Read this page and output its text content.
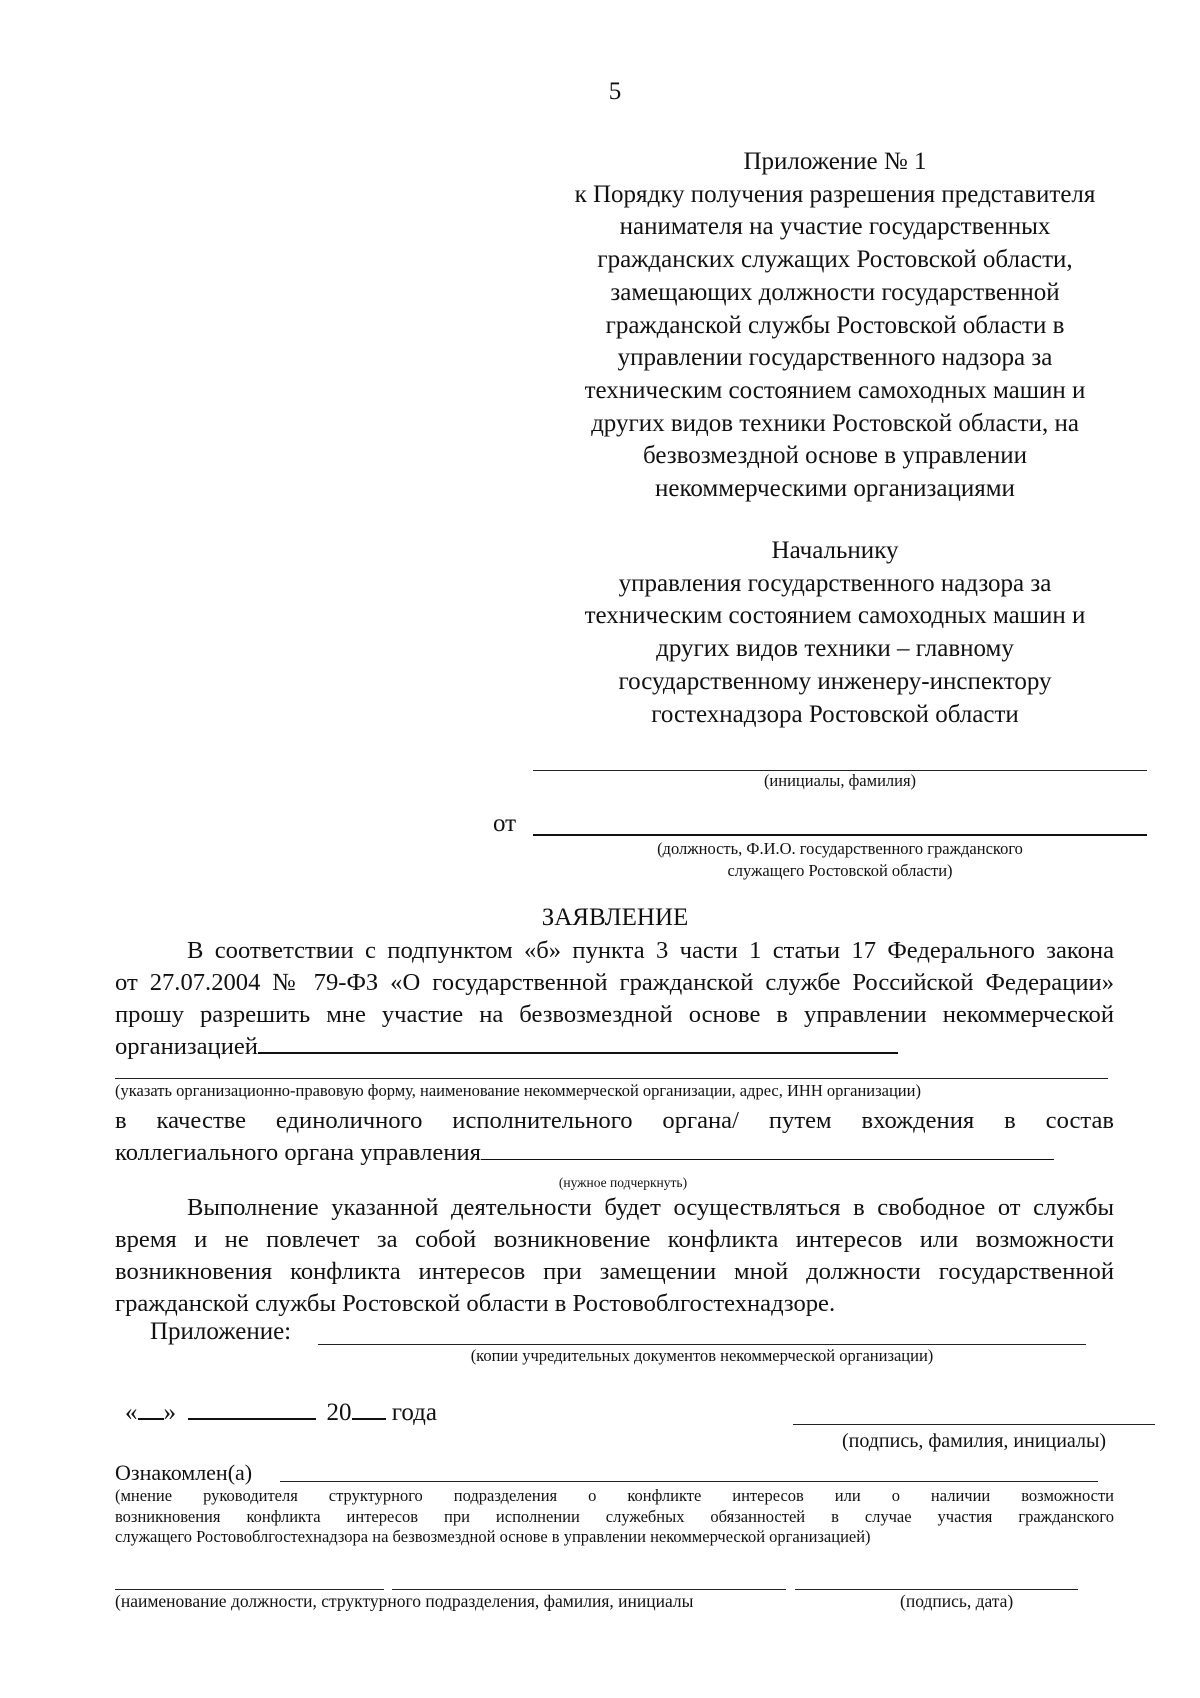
5
Приложение № 1
к Порядку получения разрешения представителя
нанимателя на участие государственных
гражданских служащих Ростовской области,
замещающих должности государственной
гражданской службы Ростовской области в
управлении государственного надзора за
техническим состоянием самоходных машин и
других видов техники Ростовской области, на
безвозмездной основе в управлении
некоммерческими организациями
Начальнику
управления государственного надзора за
техническим состоянием самоходных машин и
других видов техники – главному
государственному инженеру-инспектору
гостехнадзора Ростовской области
(инициалы, фамилия)
от
(должность, Ф.И.О. государственного гражданского
служащего Ростовской области)
ЗАЯВЛЕНИЕ
В соответствии с подпунктом «б» пункта 3 части 1 статьи 17 Федерального закона
от 27.07.2004 № 79-ФЗ «О государственной гражданской службе Российской Федерации»
прошу разрешить мне участие на безвозмездной основе в управлении некоммерческой
организацией
(указать организационно-правовую форму, наименование некоммерческой организации, адрес, ИНН организации)
в качестве единоличного исполнительного органа/ путем вхождения в состав
коллегиального органа управления
(нужное подчеркнуть)
Выполнение указанной деятельности будет осуществляться в свободное от службы
время и не повлечет за собой возникновение конфликта интересов или возможности
возникновения конфликта интересов при замещении мной должности государственной
гражданской службы Ростовской области в Ростовоблгостехнадзоре.
Приложение:
(копии учредительных документов некоммерческой организации)
« »	20 года
(подпись, фамилия, инициалы)
Ознакомлен(а)
(мнение руководителя структурного подразделения о конфликте интересов или о наличии возможности
возникновения конфликта интересов при исполнении служебных обязанностей в случае участия гражданского
служащего Ростовоблгостехнадзора на безвозмездной основе в управлении некоммерческой организацией)
(наименование должности, структурного подразделения, фамилия, инициалы	(подпись, дата)
